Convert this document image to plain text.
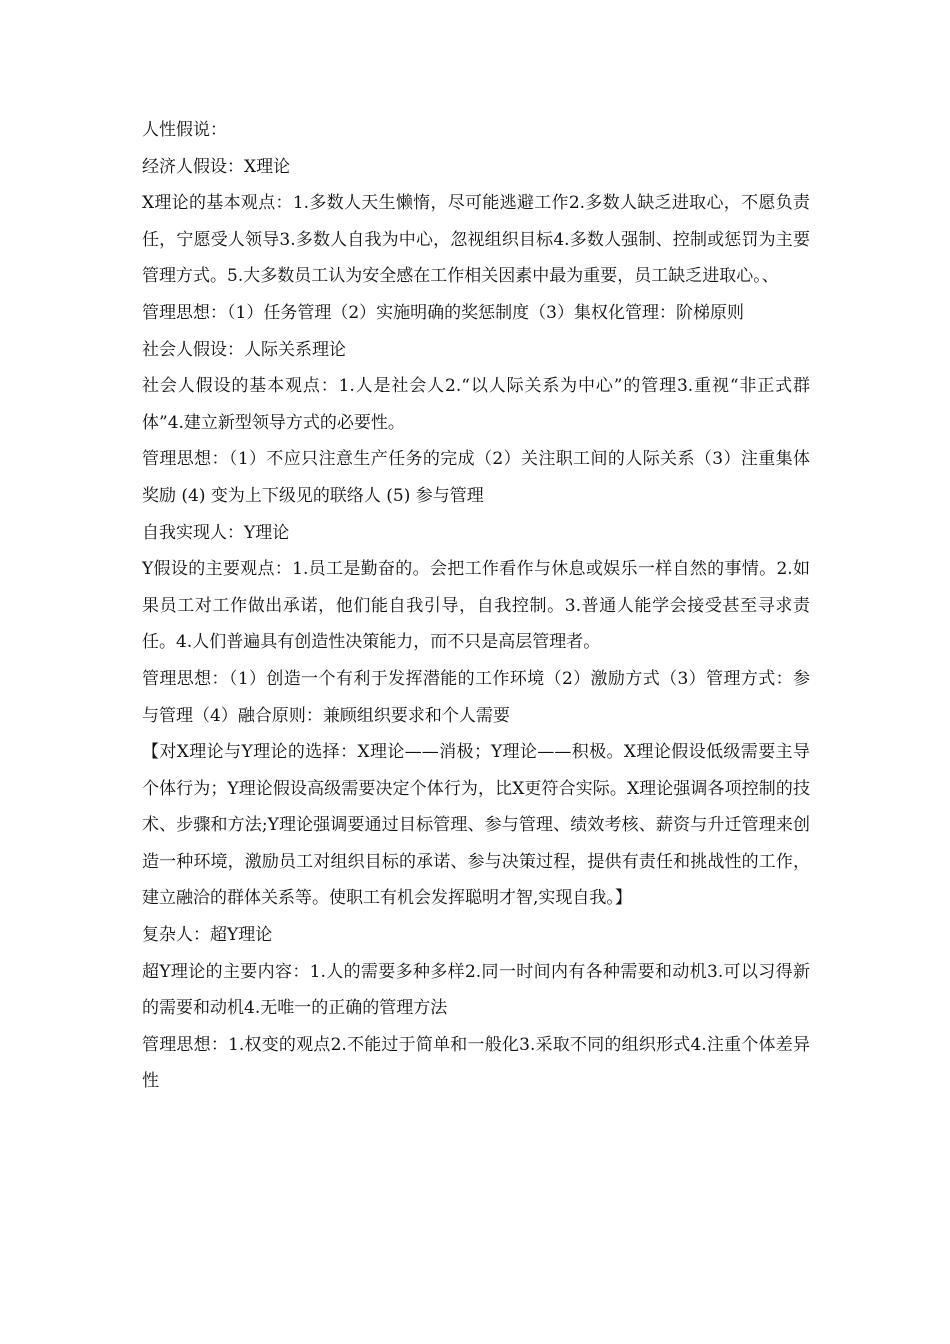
人性假说：

经济人假设：X理论

X理论的基本观点：1.多数人天生懒惰，尽可能逃避工作2.多数人缺乏进取心，不愿负责任，宁愿受人领导3.多数人自我为中心，忽视组织目标4.多数人强制、控制或惩罚为主要管理方式。5.大多数员工认为安全感在工作相关因素中最为重要，员工缺乏进取心。、

管理思想：（1）任务管理（2）实施明确的奖惩制度（3）集权化管理：阶梯原则

社会人假设：人际关系理论

社会人假设的基本观点：1.人是社会人2.“以人际关系为中心”的管理3.重视“非正式群体”4.建立新型领导方式的必要性。

管理思想：（1）不应只注意生产任务的完成（2）关注职工间的人际关系（3）注重集体奖励 (4) 变为上下级见的联络人 (5) 参与管理

自我实现人：Y理论

Y假设的主要观点：1.员工是勤奋的。会把工作看作与休息或娱乐一样自然的事情。2.如果员工对工作做出承诺，他们能自我引导，自我控制。3.普通人能学会接受甚至寻求责任。4.人们普遍具有创造性决策能力，而不只是高层管理者。

管理思想：（1）创造一个有利于发挥潜能的工作环境（2）激励方式（3）管理方式：参与管理（4）融合原则：兼顾组织要求和个人需要

【对X理论与Y理论的选择：X理论——消极；Y理论——积极。X理论假设低级需要主导个体行为；Y理论假设高级需要决定个体行为，比X更符合实际。X理论强调各项控制的技术、步骤和方法;Y理论强调要通过目标管理、参与管理、绩效考核、薪资与升迁管理来创造一种环境，激励员工对组织目标的承诺、参与决策过程，提供有责任和挑战性的工作，建立融洽的群体关系等。使职工有机会发挥聪明才智,实现自我。】

复杂人：超Y理论

超Y理论的主要内容：1.人的需要多种多样2.同一时间内有各种需要和动机3.可以习得新的需要和动机4.无唯一的正确的管理方法

管理思想：1.权变的观点2.不能过于简单和一般化3.采取不同的组织形式4.注重个体差异性
